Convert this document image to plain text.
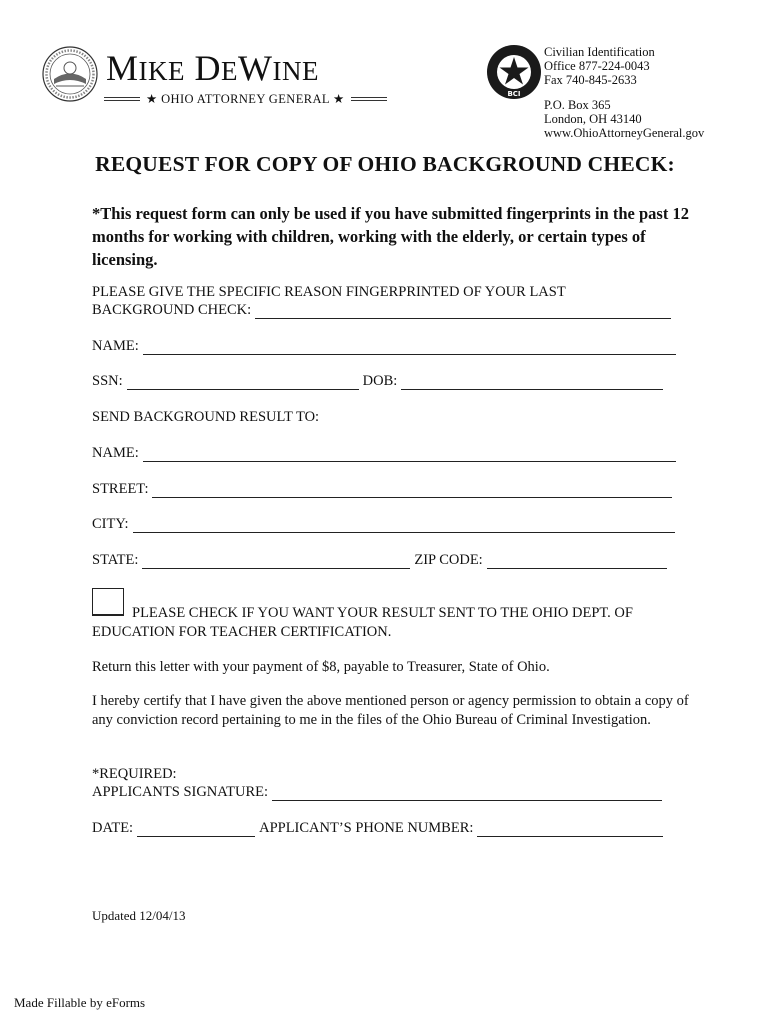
MIKE DEWINE
★ OHIO ATTORNEY GENERAL ★	BCI
Civilian Identification
Office 877-224-0043
Fax 740-845-2633
P.O. Box 365
London, OH 43140
www.OhioAttorneyGeneral.gov
REQUEST FOR COPY OF OHIO BACKGROUND CHECK:
*This request form can only be used if you have submitted fingerprints in the past 12 months for working with children, working with the elderly, or certain types of licensing.
PLEASE GIVE THE SPECIFIC REASON FINGERPRINTED OF YOUR LAST
BACKGROUND CHECK:
NAME:
SSN:	DOB:
SEND BACKGROUND RESULT TO:
NAME:
STREET:
CITY:
STATE:	ZIP CODE:
PLEASE CHECK IF YOU WANT YOUR RESULT SENT TO THE OHIO DEPT. OF
EDUCATION FOR TEACHER CERTIFICATION.
Return this letter with your payment of $8, payable to Treasurer, State of Ohio.
I hereby certify that I have given the above mentioned person or agency permission to obtain a copy of any conviction record pertaining to me in the files of the Ohio Bureau of Criminal Investigation.
*REQUIRED:
APPLICANTS SIGNATURE:
DATE:	APPLICANT’S PHONE NUMBER:
Updated 12/04/13
Made Fillable by eForms
